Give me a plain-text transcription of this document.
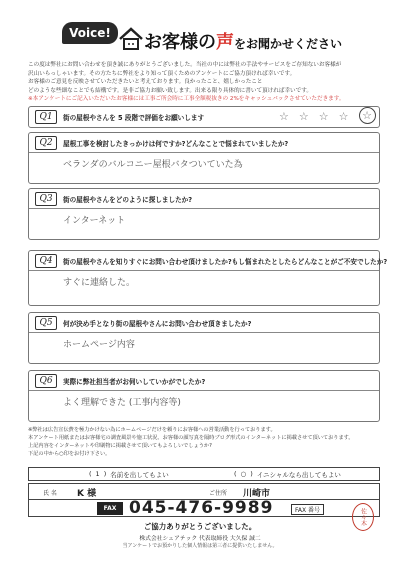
Voice!	お客様の声をお聞かせください
この度は弊社にお問い合わせを頂き誠にありがとうございました。当社の中には弊社の手法やサービスをご存知ないお客様が
沢山いらっしゃいます。その方たちに弊社をより知って頂くためのアンケートにご協力頂ければ幸いです。
お客様のご意見を反映させていただきたいと考えております。良かったこと、嬉しかったこと
どのような些細なことでも結構です。是非ご協力お願い致します。出来る限り具体的に書いて頂ければ幸いです。
※本アンケートにご記入いただいたお客様には工事ご所会時に工事全額税抜きの 2%をキャッシュバックさせていただきます。
Q1	街の屋根やさんを 5 段階で評価をお願いします	☆ ☆ ☆ ☆	☆
Q2	屋根工事を検討したきっかけは何ですか?どんなことで悩まれていましたか?
ベランダのバルコニー屋根バタついていた為
Q3	街の屋根やさんをどのように探しましたか?
インターネット
Q4	街の屋根やさんを知りすぐにお問い合わせ頂けましたか?もし悩まれたとしたらどんなことがご不安でしたか?
すぐに連絡した。
Q5	何が決め手となり街の屋根やさんにお問い合わせ頂きましたか?
ホームページ内容
Q6	実際に弊社担当者がお伺いしていかがでしたか?
よく理解できた (工事内容等)
※弊社は広告宣伝費を極力かけない為にホームページだけを頼りにお客様への営業活動を行っております。
本アンケート用紙またはお客様宅の調査風景や施工状況、お客様の顔写真を隔時ブログ形式のインターネットに掲載させて頂いております。
上記内容をインターネットや印刷物に掲載させて頂いてもよろしいでしょうか?
下記の中から○印をお付け下さい。
( 1 ) 名前を出してもよい	( ○ ) イニシャルなら出してもよい
氏 名 K 様	ご住所 川崎市
FAX 045-476-9989	FAX 番号
ご協力ありがとうございました。
株式会社シェアテック 代表取締役 大久保 誠二
当アンケートでお預かりした個人情報は第三者に提供いたしません。
佐々木
